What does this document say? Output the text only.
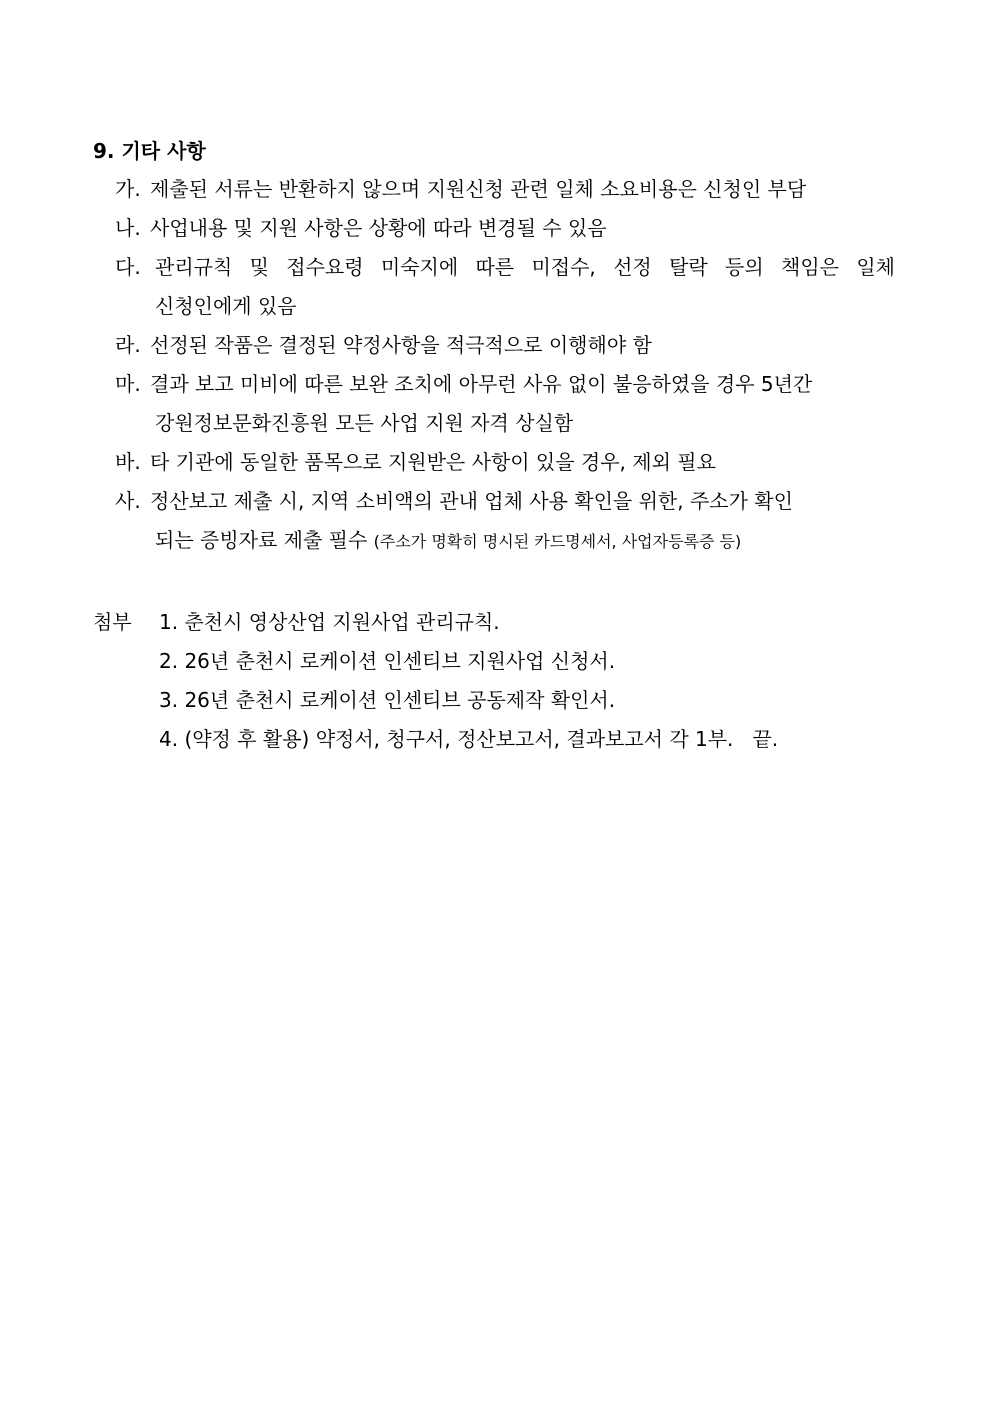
9. 기타 사항
가. 제출된 서류는 반환하지 않으며 지원신청 관련 일체 소요비용은 신청인 부담
나. 사업내용 및 지원 사항은 상황에 따라 변경될 수 있음
다. 관리규칙 및 접수요령 미숙지에 따른 미접수, 선정 탈락 등의 책임은 일체
신청인에게 있음
라. 선정된 작품은 결정된 약정사항을 적극적으로 이행해야 함
마. 결과 보고 미비에 따른 보완 조치에 아무런 사유 없이 불응하였을 경우 5년간
강원정보문화진흥원 모든 사업 지원 자격 상실함
바. 타 기관에 동일한 품목으로 지원받은 사항이 있을 경우, 제외 필요
사. 정산보고 제출 시, 지역 소비액의 관내 업체 사용 확인을 위한, 주소가 확인
되는 증빙자료 제출 필수 (주소가 명확히 명시된 카드명세서, 사업자등록증 등)
첨부 1. 춘천시 영상산업 지원사업 관리규칙.
2. 26년 춘천시 로케이션 인센티브 지원사업 신청서.
3. 26년 춘천시 로케이션 인센티브 공동제작 확인서.
4. (약정 후 활용) 약정서, 청구서, 정산보고서, 결과보고서 각 1부.   끝.
